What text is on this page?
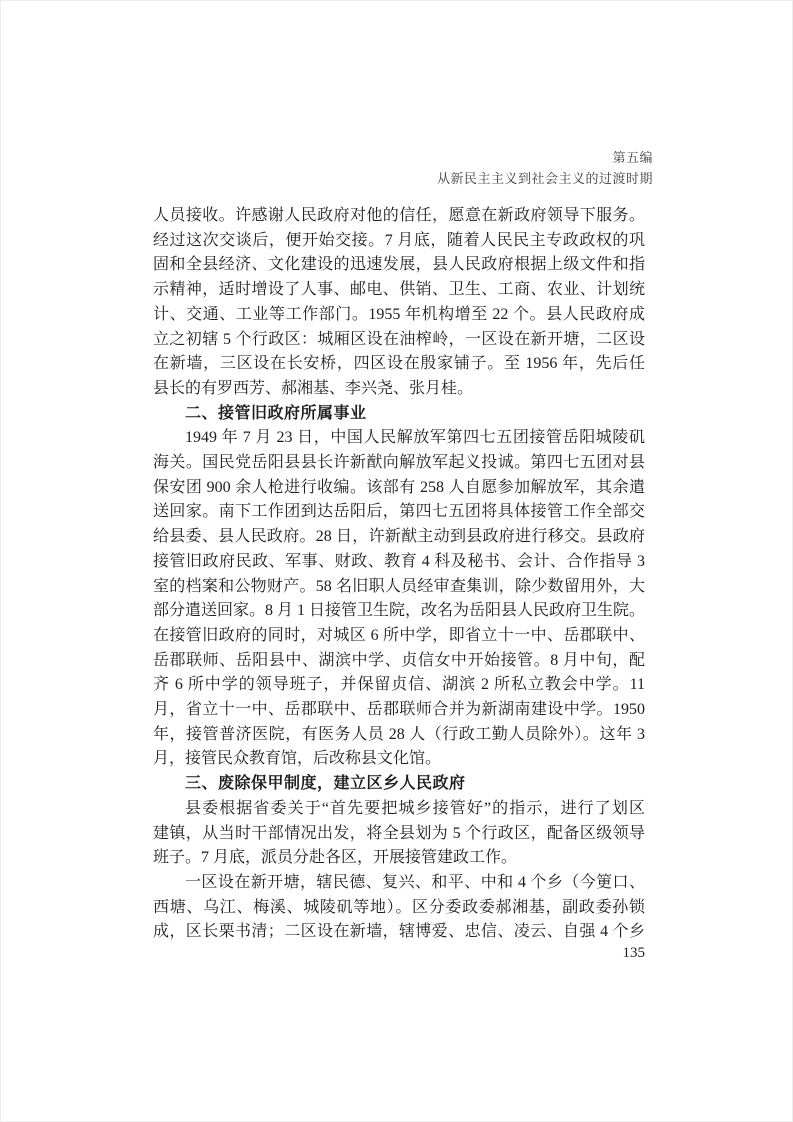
第五编
从新民主主义到社会主义的过渡时期
人员接收。许感谢人民政府对他的信任，愿意在新政府领导下服务。
经过这次交谈后，便开始交接。7 月底，随着人民民主专政政权的巩
固和全县经济、文化建设的迅速发展，县人民政府根据上级文件和指
示精神，适时增设了人事、邮电、供销、卫生、工商、农业、计划统
计、交通、工业等工作部门。1955 年机构增至 22 个。县人民政府成
立之初辖 5 个行政区：城厢区设在油榨岭，一区设在新开塘，二区设
在新墙，三区设在长安桥，四区设在殷家铺子。至 1956 年，先后任
县长的有罗西芳、郝湘基、李兴尧、张月桂。
二、接管旧政府所属事业
1949 年 7 月 23 日，中国人民解放军第四七五团接管岳阳城陵矶
海关。国民党岳阳县县长许新猷向解放军起义投诚。第四七五团对县
保安团 900 余人枪进行收编。该部有 258 人自愿参加解放军，其余遣
送回家。南下工作团到达岳阳后，第四七五团将具体接管工作全部交
给县委、县人民政府。28 日，许新猷主动到县政府进行移交。县政府
接管旧政府民政、军事、财政、教育 4 科及秘书、会计、合作指导 3
室的档案和公物财产。58 名旧职人员经审查集训，除少数留用外，大
部分遣送回家。8 月 1 日接管卫生院，改名为岳阳县人民政府卫生院。
在接管旧政府的同时，对城区 6 所中学，即省立十一中、岳郡联中、
岳郡联师、岳阳县中、湖滨中学、贞信女中开始接管。8 月中旬，配
齐 6 所中学的领导班子，并保留贞信、湖滨 2 所私立教会中学。11
月，省立十一中、岳郡联中、岳郡联师合并为新湖南建设中学。1950
年，接管普济医院，有医务人员 28 人（行政工勤人员除外）。这年 3
月，接管民众教育馆，后改称县文化馆。
三、废除保甲制度，建立区乡人民政府
县委根据省委关于“首先要把城乡接管好”的指示，进行了划区
建镇，从当时干部情况出发，将全县划为 5 个行政区，配备区级领导
班子。7 月底，派员分赴各区，开展接管建政工作。
一区设在新开塘，辖民德、复兴、和平、中和 4 个乡（今筻口、
西塘、乌江、梅溪、城陵矶等地）。区分委政委郝湘基，副政委孙锁
成，区长栗书清；二区设在新墙，辖博爱、忠信、凌云、自强 4 个乡
135
